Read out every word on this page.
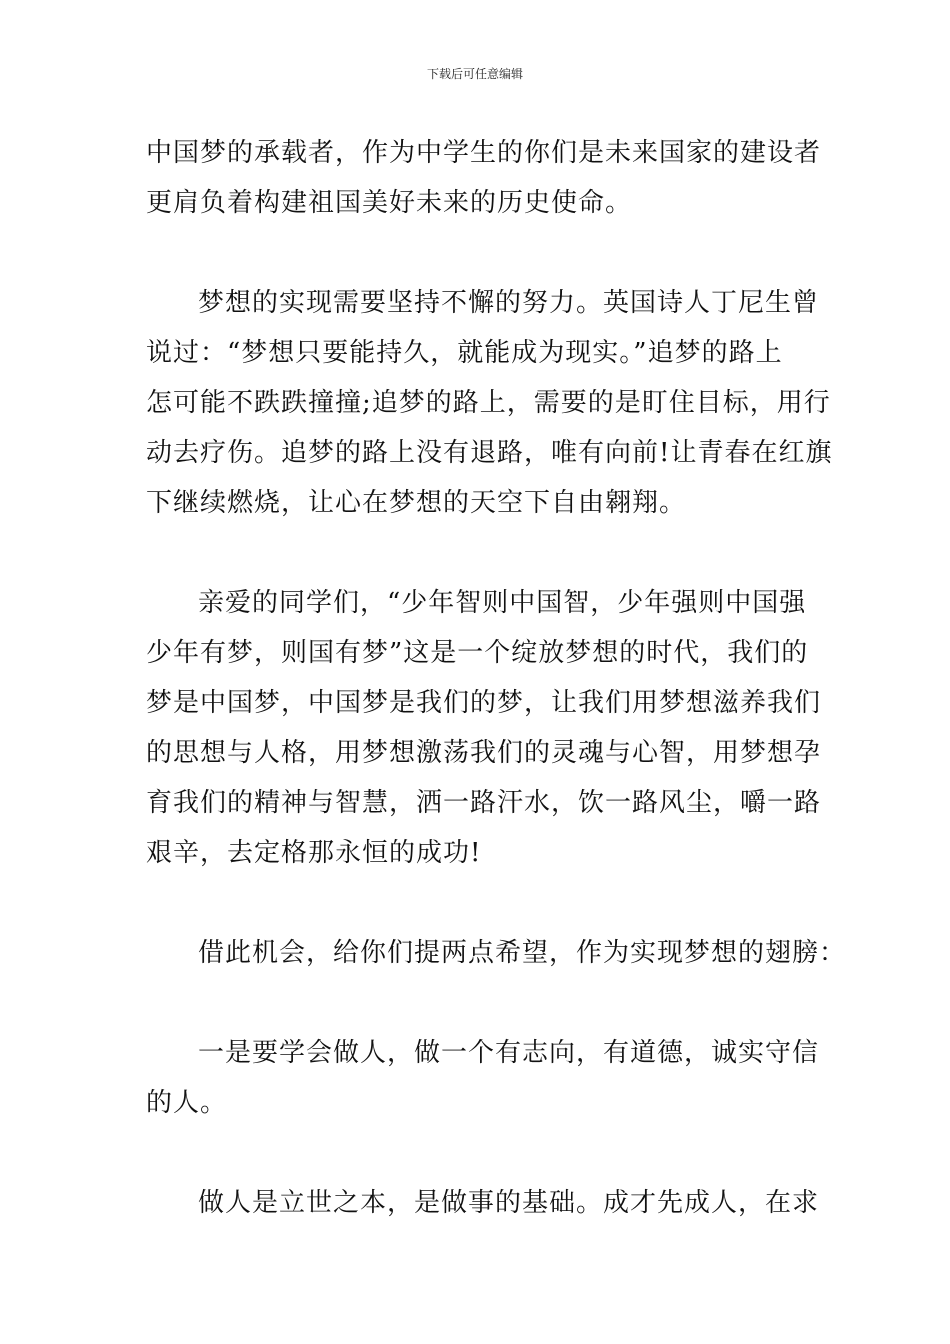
下载后可任意编辑
中国梦的承载者，作为中学生的你们是未来国家的建设者
更肩负着构建祖国美好未来的历史使命。
梦想的实现需要坚持不懈的努力。英国诗人丁尼生曾
说过：“梦想只要能持久，就能成为现实。”追梦的路上
怎可能不跌跌撞撞;追梦的路上，需要的是盯住目标，用行
动去疗伤。追梦的路上没有退路，唯有向前!让青春在红旗
下继续燃烧，让心在梦想的天空下自由翱翔。
亲爱的同学们，“少年智则中国智，少年强则中国强
少年有梦，则国有梦”这是一个绽放梦想的时代，我们的
梦是中国梦，中国梦是我们的梦，让我们用梦想滋养我们
的思想与人格，用梦想激荡我们的灵魂与心智，用梦想孕
育我们的精神与智慧，洒一路汗水，饮一路风尘，嚼一路
艰辛，去定格那永恒的成功!
借此机会，给你们提两点希望，作为实现梦想的翅膀：
一是要学会做人，做一个有志向，有道德，诚实守信
的人。
做人是立世之本，是做事的基础。成才先成人，在求
